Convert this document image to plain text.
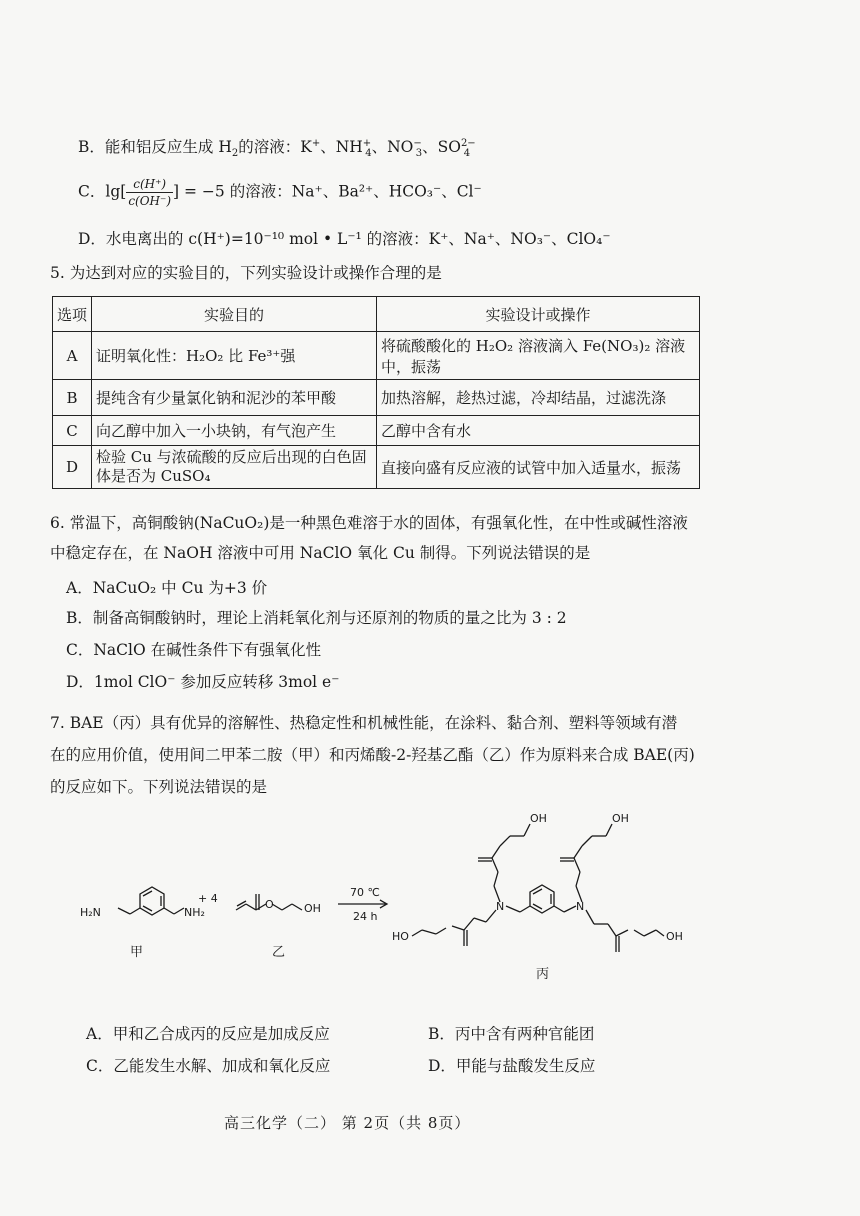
B．能和铝反应生成 $H_2$的溶液：K+、$NH^+_4$、$NO^-_3$、$SO^{2-}_4$
C．$\lg[ \frac{c(H^+)}{c(OH^-)}$ ] = −5 的溶液：Na⁺、Ba²⁺、HCO₃⁻、Cl⁻
D．水电离出的 c(H⁺)=10⁻¹⁰ mol • L⁻¹ 的溶液：K⁺、Na⁺、NO₃⁻、ClO₄⁻
5. 为达到对应的实验目的，下列实验设计或操作合理的是
选项	实验目的	实验设计或操作
A	证明氧化性：H₂O₂ 比 Fe³⁺强	将硫酸酸化的 H₂O₂ 溶液滴入 Fe(NO₃)₂ 溶液中，振荡
B	提纯含有少量氯化钠和泥沙的苯甲酸	加热溶解，趁热过滤，冷却结晶，过滤洗涤
C	向乙醇中加入一小块钠，有气泡产生	乙醇中含有水
D	检验 Cu 与浓硫酸的反应后出现的白色固体是否为 CuSO₄	直接向盛有反应液的试管中加入适量水，振荡
6. 常温下，高铜酸钠(NaCuO₂)是一种黑色难溶于水的固体，有强氧化性，在中性或碱性溶液
中稳定存在，在 NaOH 溶液中可用 NaClO 氧化 Cu 制得。下列说法错误的是
A．NaCuO₂ 中 Cu 为+3 价
B．制备高铜酸钠时，理论上消耗氧化剂与还原剂的物质的量之比为 3 : 2
C．NaClO 在碱性条件下有强氧化性
D．1mol ClO⁻ 参加反应转移 3mol e⁻
7. BAE（丙）具有优异的溶解性、热稳定性和机械性能，在涂料、黏合剂、塑料等领域有潜
在的应用价值，使用间二甲苯二胺（甲）和丙烯酸-2-羟基乙酯（乙）作为原料来合成 BAE(丙)
的反应如下。下列说法错误的是
H₂N	NH₂
+ 4	O	OH
70 ℃
24 h
N	N
OH	OH
HO	OH
甲	乙
丙
A．甲和乙合成丙的反应是加成反应	B．丙中含有两种官能团
C．乙能发生水解、加成和氧化反应	D．甲能与盐酸发生反应
高三化学（二） 第 2页（共 8页）
